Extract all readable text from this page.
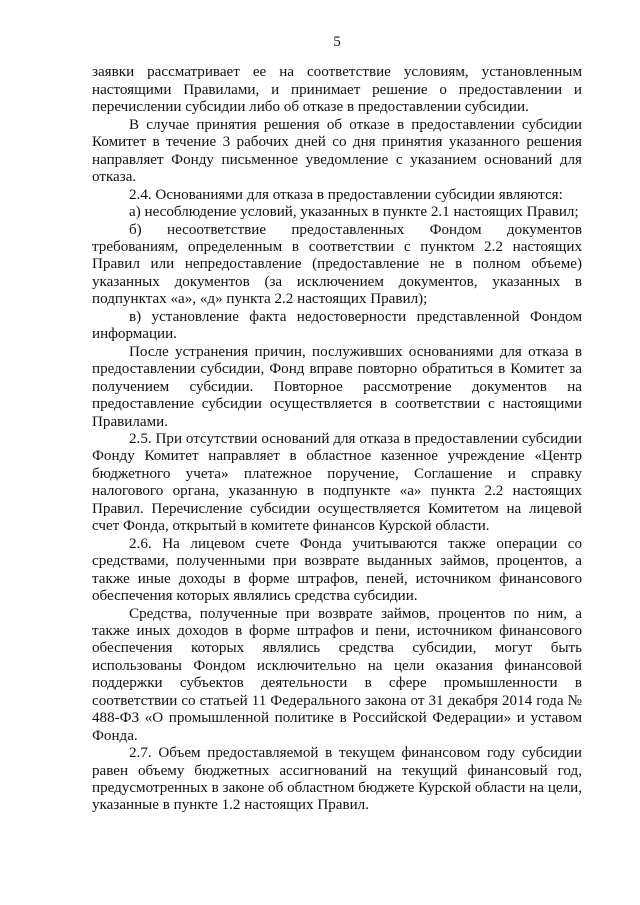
5

заявки рассматривает ее на соответствие условиям, установленным настоящими Правилами, и принимает решение о предоставлении и перечислении субсидии либо об отказе в предоставлении субсидии.

В случае принятия решения об отказе в предоставлении субсидии Комитет в течение 3 рабочих дней со дня принятия указанного решения направляет Фонду письменное уведомление с указанием оснований для отказа.

2.4. Основаниями для отказа в предоставлении субсидии являются:

а) несоблюдение условий, указанных в пункте 2.1 настоящих Правил;

б) несоответствие предоставленных Фондом документов требованиям, определенным в соответствии с пунктом 2.2 настоящих Правил или непредоставление (предоставление не в полном объеме) указанных документов (за исключением документов, указанных в подпунктах «а», «д» пункта 2.2 настоящих Правил);

в) установление факта недостоверности представленной Фондом информации.

После устранения причин, послуживших основаниями для отказа в предоставлении субсидии, Фонд вправе повторно обратиться в Комитет за получением субсидии. Повторное рассмотрение документов на предоставление субсидии осуществляется в соответствии с настоящими Правилами.

2.5. При отсутствии оснований для отказа в предоставлении субсидии Фонду Комитет направляет в областное казенное учреждение «Центр бюджетного учета» платежное поручение, Соглашение и справку налогового органа, указанную в подпункте «а» пункта 2.2 настоящих Правил. Перечисление субсидии осуществляется Комитетом на лицевой счет Фонда, открытый в комитете финансов Курской области.

2.6. На лицевом счете Фонда учитываются также операции со средствами, полученными при возврате выданных займов, процентов, а также иные доходы в форме штрафов, пеней, источником финансового обеспечения которых являлись средства субсидии.

Средства, полученные при возврате займов, процентов по ним, а также иных доходов в форме штрафов и пени, источником финансового обеспечения которых являлись средства субсидии, могут быть использованы Фондом исключительно на цели оказания финансовой поддержки субъектов деятельности в сфере промышленности в соответствии со статьей 11 Федерального закона от 31 декабря 2014 года № 488-ФЗ «О промышленной политике в Российской Федерации» и уставом Фонда.

2.7. Объем предоставляемой в текущем финансовом году субсидии равен объему бюджетных ассигнований на текущий финансовый год, предусмотренных в законе об областном бюджете Курской области на цели, указанные в пункте 1.2 настоящих Правил.
